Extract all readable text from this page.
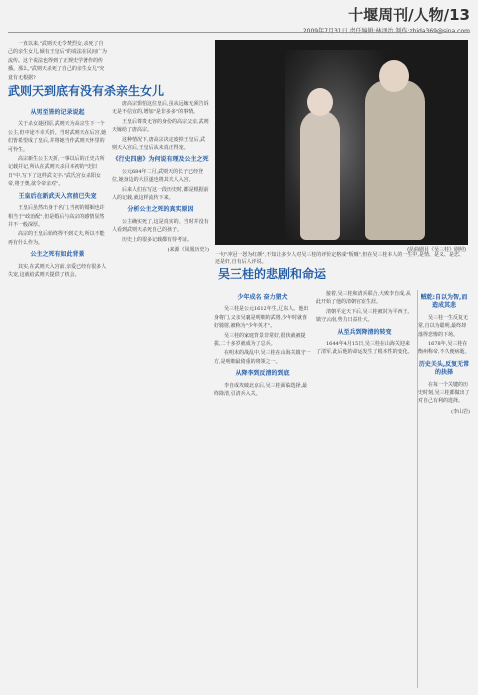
十堰周刊/人物/13
2009年7月31日 责任编辑:林泽治 制作:zhida369@sina.com

一直以来,"武则天无令焚烈女,杀死了自己的亲生女儿,倾有王皇后"的说法在民间广为流传。这个说法也得到了正规史学著作的传播。那么,"武则天杀死了自己的亲生女儿"究竟有无根据?

从男至皆的记录说起

关于杀女谜团原,武则天为高宗生下一个公主,但中途不幸夭折。当时武则天在后宫,她们皆希望成了皇后,并将她当作武则天怀里的可怜生。

高宗新生公主天折,一事以后的正史古所记载并记,所认在武则天杀目本初的"史旧日"中,写下了这样武文字:"武氏宫女杀阳女帝,将于奥,欲令帝亲对"。

王皇后在新武天入宫前已失宠

王皇后虽然出身于名门,当初的婚姻也许相当于"政治配",但是婚后与高宗的感情显然并不一般深厚。

高宗的王皇后始终得不到丈夫,所以不能再有什么作为。

公主之死有如此背景

其实,在武则天入宫前,亲爱已经有很多人失宠,这就给武则天提供了机会。

武则天到底有没有杀亲生女儿

唐高宗惧怕这位皇后,虽从远嫁无须告诉无是不信宜的,增加"是非多多"的事情。

王皇后尊贵无容的身份的高宗父亲,武则天嫁给了唐高宗。

这种情况下,唐高宗决定废掉王皇后,武则天入宫后,王皇后从未真正得宠。

《行史四唐》为何说有理及公主之死

公元684年二月,武则天的长子已经登位,她身边的大臣遂也将其夫人入宫。

后来人们在写这一段历史时,都是根据前人的记载,就这样流传下来。

分析公主之死的真实原因

公主确实死了,这是真实的。当时并没有人看到武则天杀死自己的孩子。

历史上的很多记载都有待考证。

(来源《凤凰历史》)	(昆曲剧目《吴三桂》剧照)
一句"冲冠一怒为红颜",不知让多少人对吴三桂的评价定格成"叛贼",但在吴三桂本人的一生中,是情、是义、是忠、还是奸,自有后人评说。
吴三桂的悲剧和命运
少年成名 奋力猎犬

吴三桂是公元1612年生,辽东人。他出身将门,父亲吴襄是明朝的武将,少年时就喜好骑射,被称为"少年英才"。

吴三桂的家庭背景非常好,很快就被提拔,二十多岁就成为了总兵。

在明末的战乱中,吴三桂在山海关镇守一方,是明朝最倚重的将领之一。

从降李到反清的到底

李自成攻破北京后,吴三桂面临选择,最终降清,引清兵入关。

接着,吴三桂和清兵联合,大败李自成,从此开始了他的清朝官宦生涯。

清朝平定天下后,吴三桂被封为平西王,镇守云南,势力日益壮大。

从至兵到降清的转变

1644年4月15日,吴三桂在山海关迎来了清军,此后他的命运发生了根本性的变化。

贼乾:自以为智,而造成其悲

吴三桂一生反复无常,自以为聪明,最终却落得悲惨的下场。

1678年,吴三桂在衡州称帝,不久便病逝。

历史关头,反复无常的抉择

在每一个关键的历史时刻,吴三桂都做出了对自己有利的选择。

(李山岩)
